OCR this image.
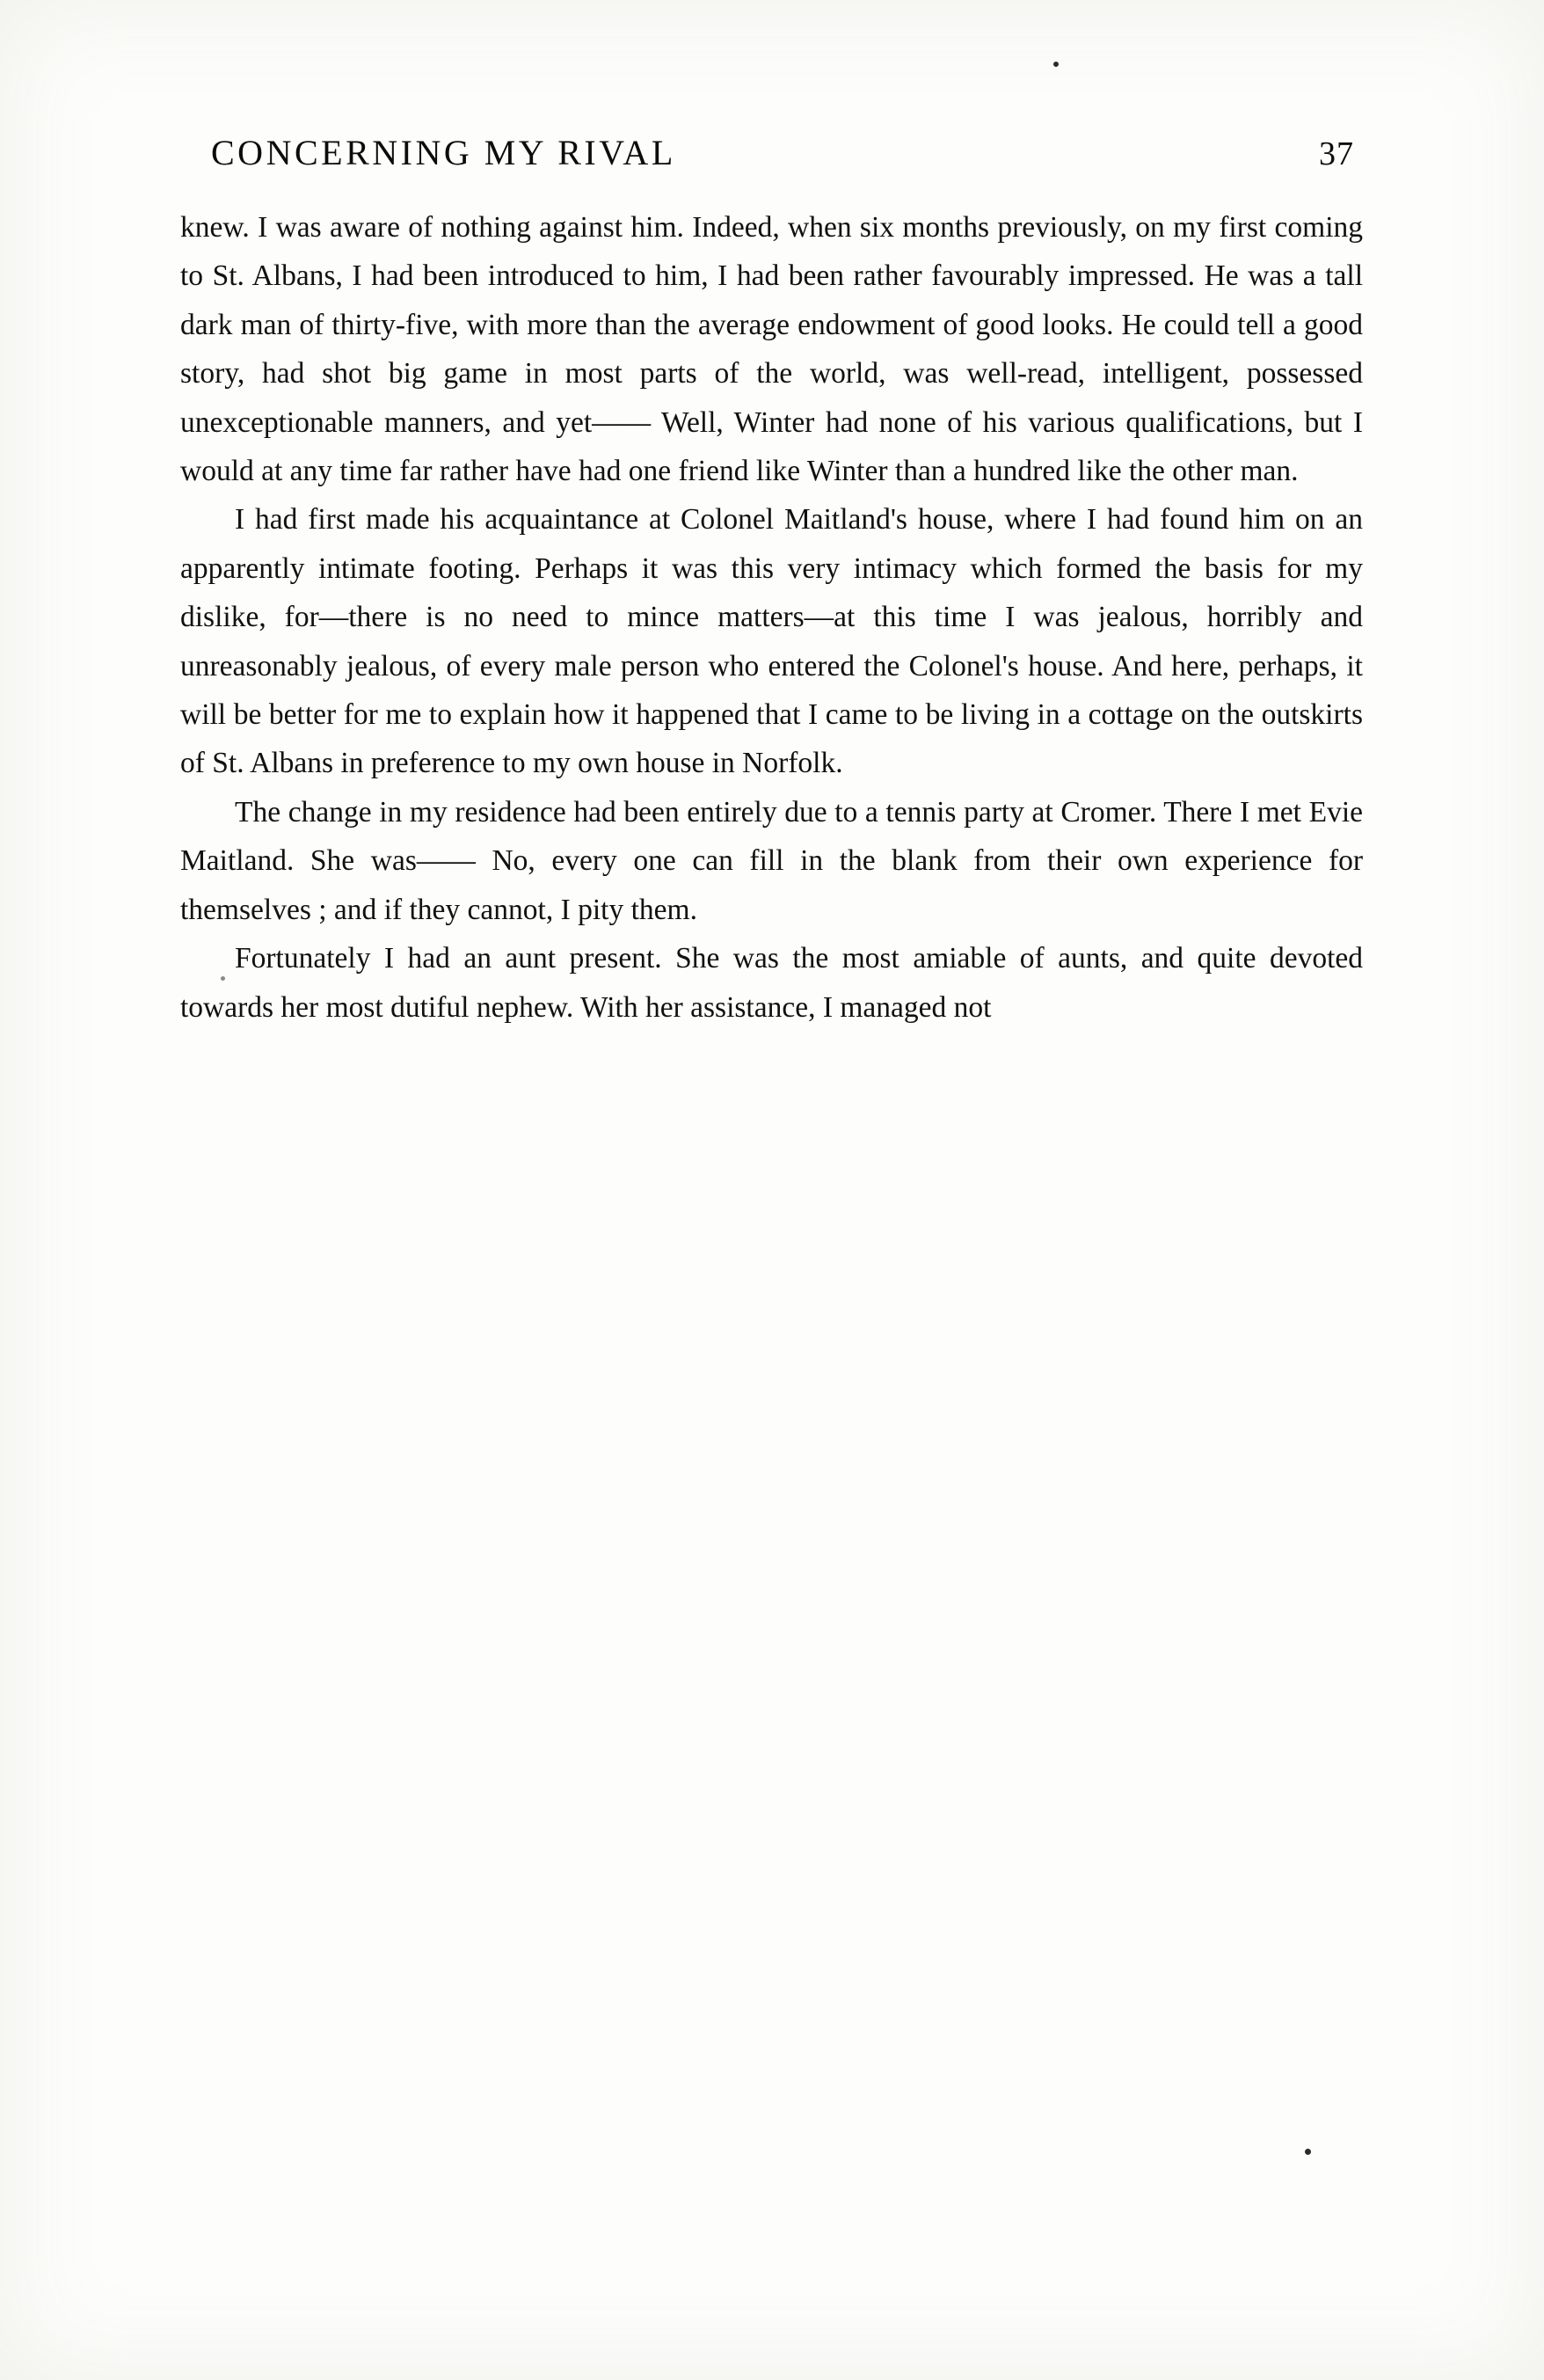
CONCERNING MY RIVAL	37

knew. I was aware of nothing against him. Indeed, when six months previously, on my first coming to St. Albans, I had been introduced to him, I had been rather favourably impressed. He was a tall dark man of thirty-five, with more than the average endowment of good looks. He could tell a good story, had shot big game in most parts of the world, was well-read, intelligent, possessed unexceptionable manners, and yet—— Well, Winter had none of his various qualifications, but I would at any time far rather have had one friend like Winter than a hundred like the other man.

I had first made his acquaintance at Colonel Maitland's house, where I had found him on an apparently intimate footing. Perhaps it was this very intimacy which formed the basis for my dislike, for—there is no need to mince matters—at this time I was jealous, horribly and unreasonably jealous, of every male person who entered the Colonel's house. And here, perhaps, it will be better for me to explain how it happened that I came to be living in a cottage on the outskirts of St. Albans in preference to my own house in Norfolk.

The change in my residence had been entirely due to a tennis party at Cromer. There I met Evie Maitland. She was—— No, every one can fill in the blank from their own experience for themselves ; and if they cannot, I pity them.

Fortunately I had an aunt present. She was the most amiable of aunts, and quite devoted towards her most dutiful nephew. With her assistance, I managed not
